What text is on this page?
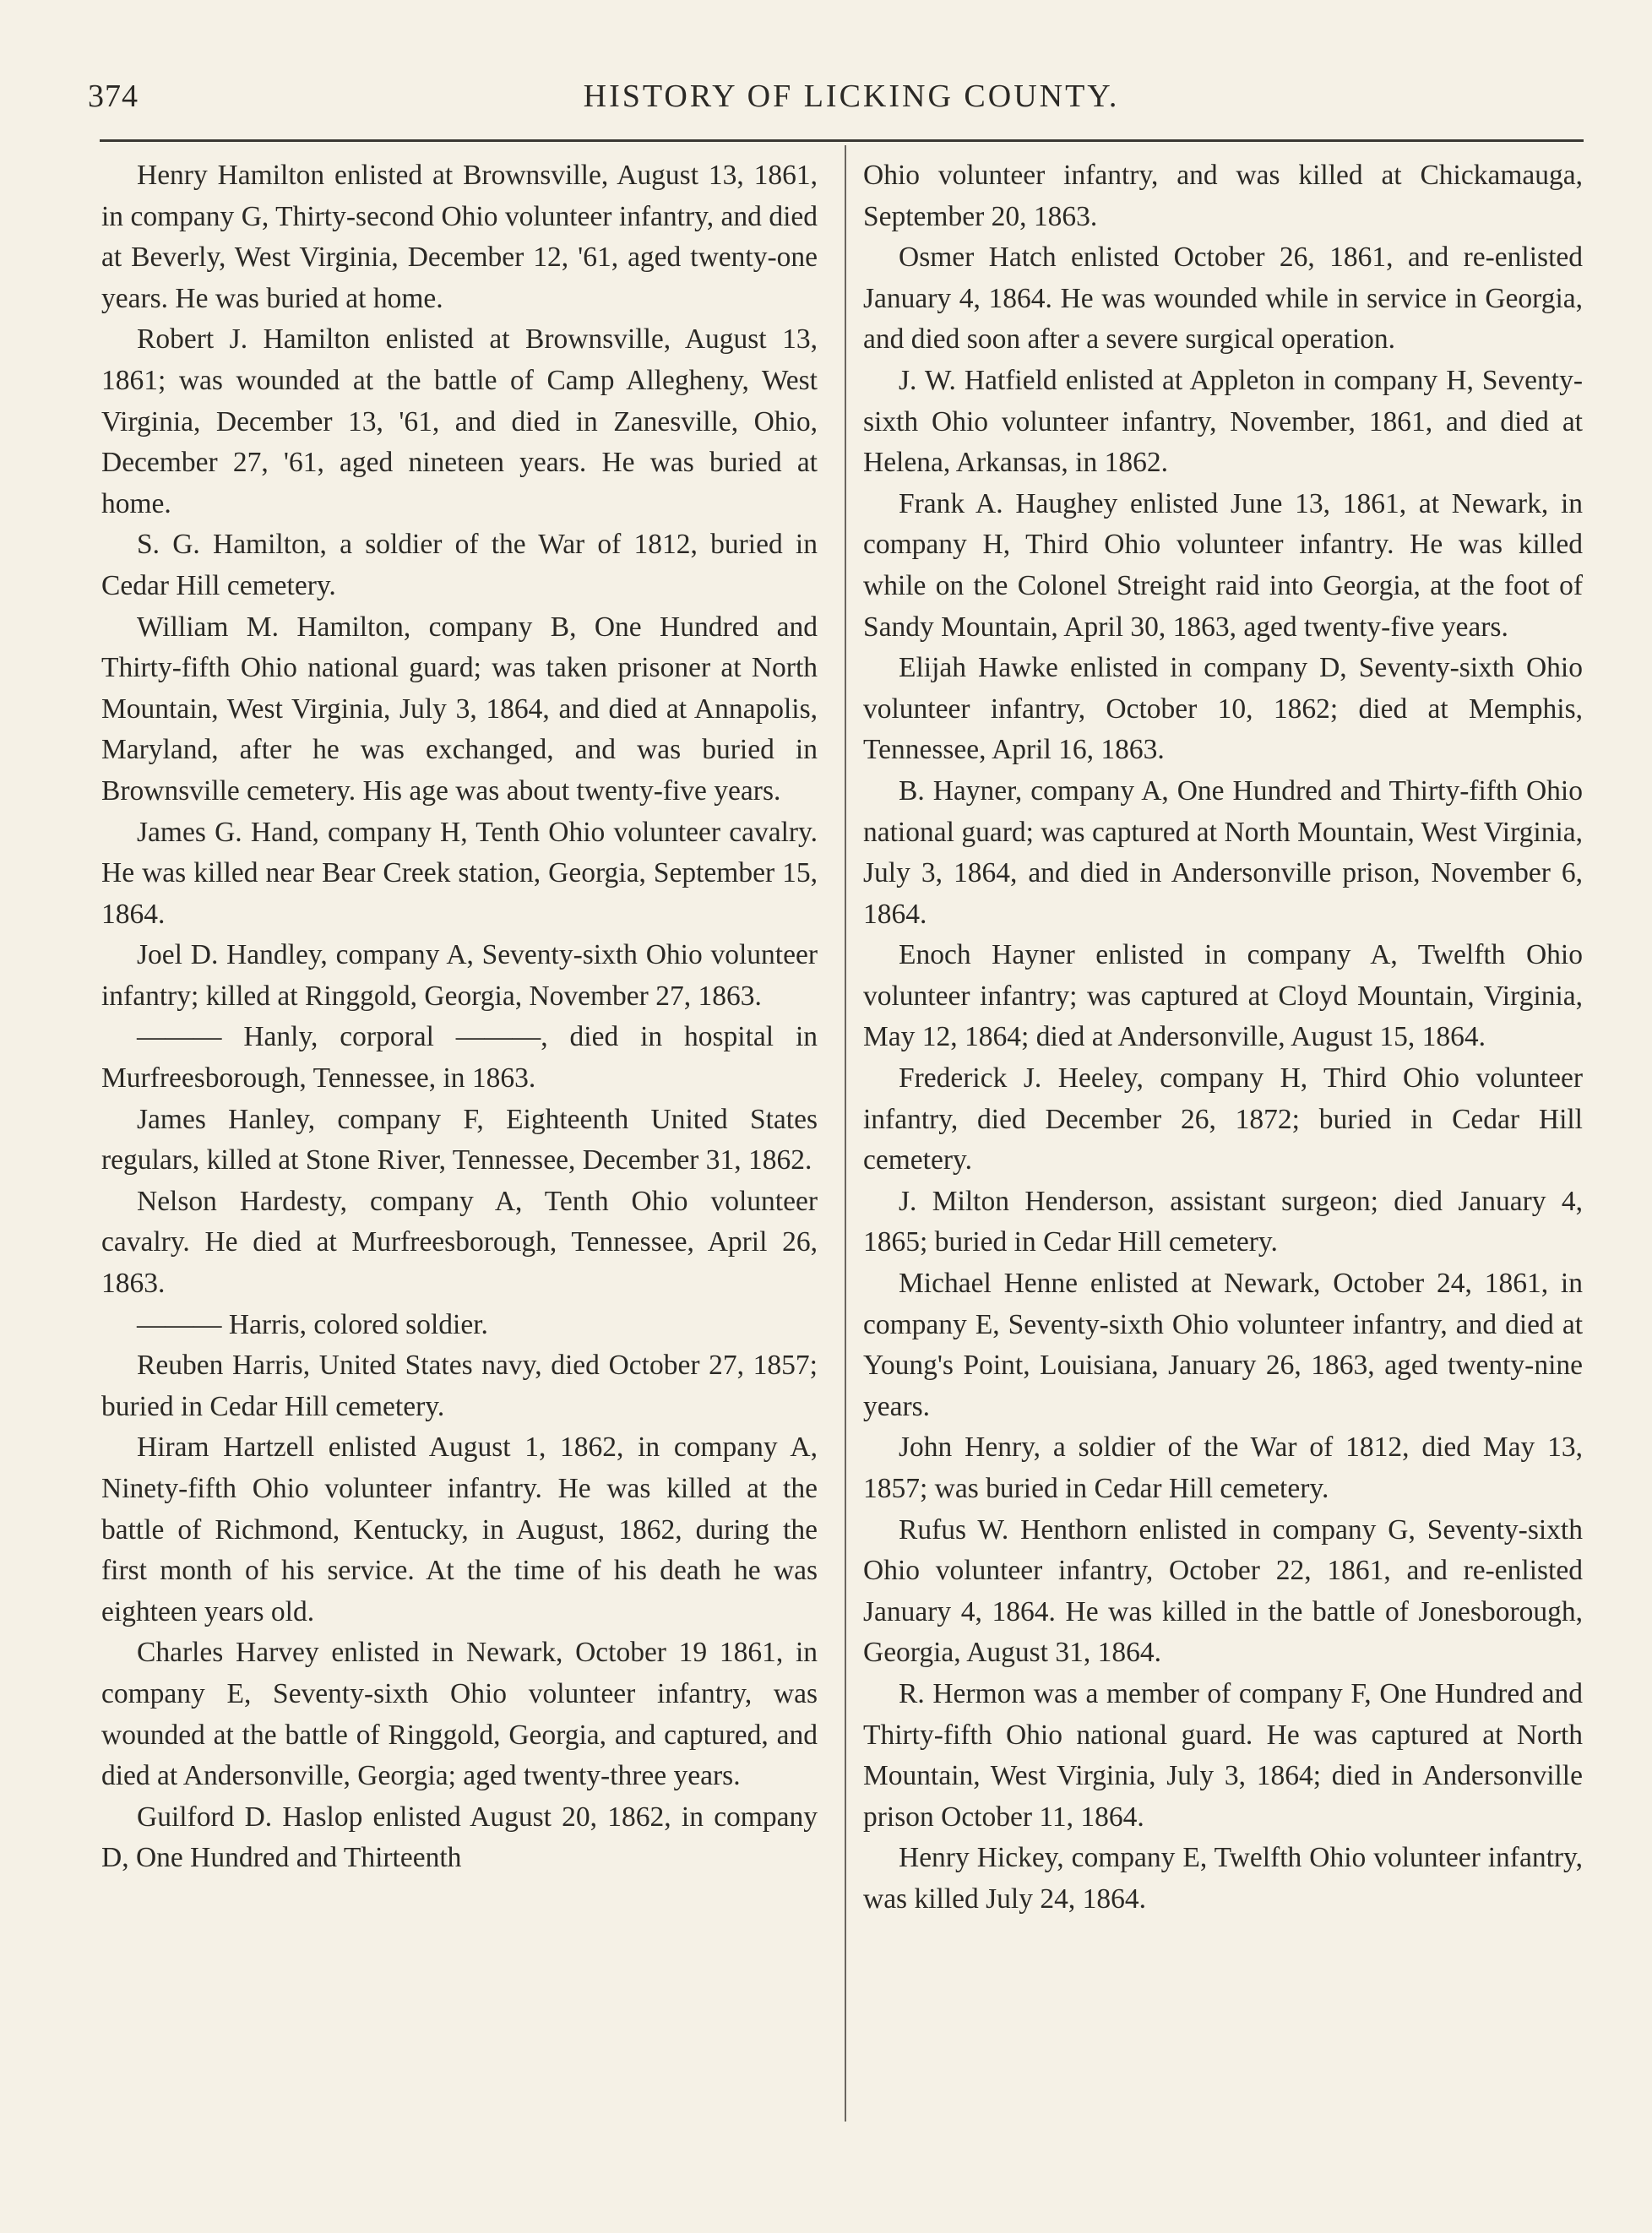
374	HISTORY OF LICKING COUNTY.

Henry Hamilton enlisted at Brownsville, August 13, 1861, in company G, Thirty-second Ohio volunteer infantry, and died at Beverly, West Virginia, December 12, '61, aged twenty-one years. He was buried at home.

Robert J. Hamilton enlisted at Brownsville, August 13, 1861; was wounded at the battle of Camp Allegheny, West Virginia, December 13, '61, and died in Zanesville, Ohio, December 27, '61, aged nineteen years. He was buried at home.

S. G. Hamilton, a soldier of the War of 1812, buried in Cedar Hill cemetery.

William M. Hamilton, company B, One Hundred and Thirty-fifth Ohio national guard; was taken prisoner at North Mountain, West Virginia, July 3, 1864, and died at Annapolis, Maryland, after he was exchanged, and was buried in Brownsville cemetery. His age was about twenty-five years.

James G. Hand, company H, Tenth Ohio volunteer cavalry. He was killed near Bear Creek station, Georgia, September 15, 1864.

Joel D. Handley, company A, Seventy-sixth Ohio volunteer infantry; killed at Ringgold, Georgia, November 27, 1863.

——— Hanly, corporal ———, died in hospital in Murfreesborough, Tennessee, in 1863.

James Hanley, company F, Eighteenth United States regulars, killed at Stone River, Tennessee, December 31, 1862.

Nelson Hardesty, company A, Tenth Ohio volunteer cavalry. He died at Murfreesborough, Tennessee, April 26, 1863.

——— Harris, colored soldier.

Reuben Harris, United States navy, died October 27, 1857; buried in Cedar Hill cemetery.

Hiram Hartzell enlisted August 1, 1862, in company A, Ninety-fifth Ohio volunteer infantry. He was killed at the battle of Richmond, Kentucky, in August, 1862, during the first month of his service. At the time of his death he was eighteen years old.

Charles Harvey enlisted in Newark, October 19 1861, in company E, Seventy-sixth Ohio volunteer infantry, was wounded at the battle of Ringgold, Georgia, and captured, and died at Andersonville, Georgia; aged twenty-three years.

Guilford D. Haslop enlisted August 20, 1862, in company D, One Hundred and Thirteenth

Ohio volunteer infantry, and was killed at Chickamauga, September 20, 1863.

Osmer Hatch enlisted October 26, 1861, and re-enlisted January 4, 1864. He was wounded while in service in Georgia, and died soon after a severe surgical operation.

J. W. Hatfield enlisted at Appleton in company H, Seventy-sixth Ohio volunteer infantry, November, 1861, and died at Helena, Arkansas, in 1862.

Frank A. Haughey enlisted June 13, 1861, at Newark, in company H, Third Ohio volunteer infantry. He was killed while on the Colonel Streight raid into Georgia, at the foot of Sandy Mountain, April 30, 1863, aged twenty-five years.

Elijah Hawke enlisted in company D, Seventy-sixth Ohio volunteer infantry, October 10, 1862; died at Memphis, Tennessee, April 16, 1863.

B. Hayner, company A, One Hundred and Thirty-fifth Ohio national guard; was captured at North Mountain, West Virginia, July 3, 1864, and died in Andersonville prison, November 6, 1864.

Enoch Hayner enlisted in company A, Twelfth Ohio volunteer infantry; was captured at Cloyd Mountain, Virginia, May 12, 1864; died at Andersonville, August 15, 1864.

Frederick J. Heeley, company H, Third Ohio volunteer infantry, died December 26, 1872; buried in Cedar Hill cemetery.

J. Milton Henderson, assistant surgeon; died January 4, 1865; buried in Cedar Hill cemetery.

Michael Henne enlisted at Newark, October 24, 1861, in company E, Seventy-sixth Ohio volunteer infantry, and died at Young's Point, Louisiana, January 26, 1863, aged twenty-nine years.

John Henry, a soldier of the War of 1812, died May 13, 1857; was buried in Cedar Hill cemetery.

Rufus W. Henthorn enlisted in company G, Seventy-sixth Ohio volunteer infantry, October 22, 1861, and re-enlisted January 4, 1864. He was killed in the battle of Jonesborough, Georgia, August 31, 1864.

R. Hermon was a member of company F, One Hundred and Thirty-fifth Ohio national guard. He was captured at North Mountain, West Virginia, July 3, 1864; died in Andersonville prison October 11, 1864.

Henry Hickey, company E, Twelfth Ohio volunteer infantry, was killed July 24, 1864.
